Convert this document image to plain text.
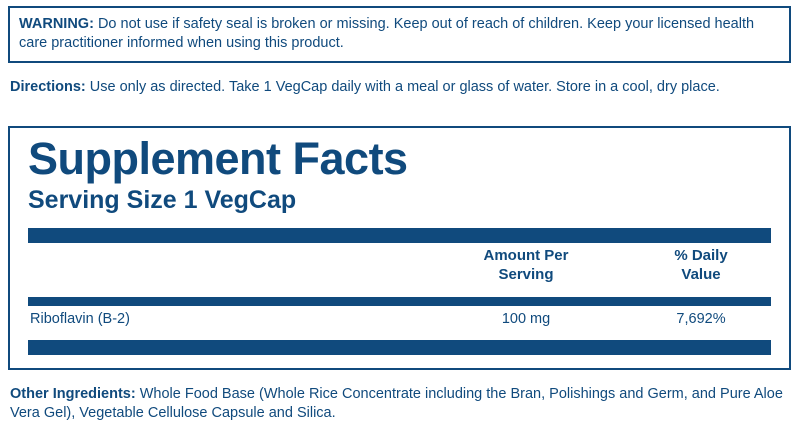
WARNING: Do not use if safety seal is broken or missing. Keep out of reach of children. Keep your licensed health care practitioner informed when using this product.
Directions: Use only as directed. Take 1 VegCap daily with a meal or glass of water. Store in a cool, dry place.
Supplement Facts
Serving Size 1 VegCap
Amount Per
Serving
% Daily
Value
Riboflavin (B-2)	100 mg	7,692%
Other Ingredients: Whole Food Base (Whole Rice Concentrate including the Bran, Polishings and Germ, and Pure Aloe Vera Gel), Vegetable Cellulose Capsule and Silica.
